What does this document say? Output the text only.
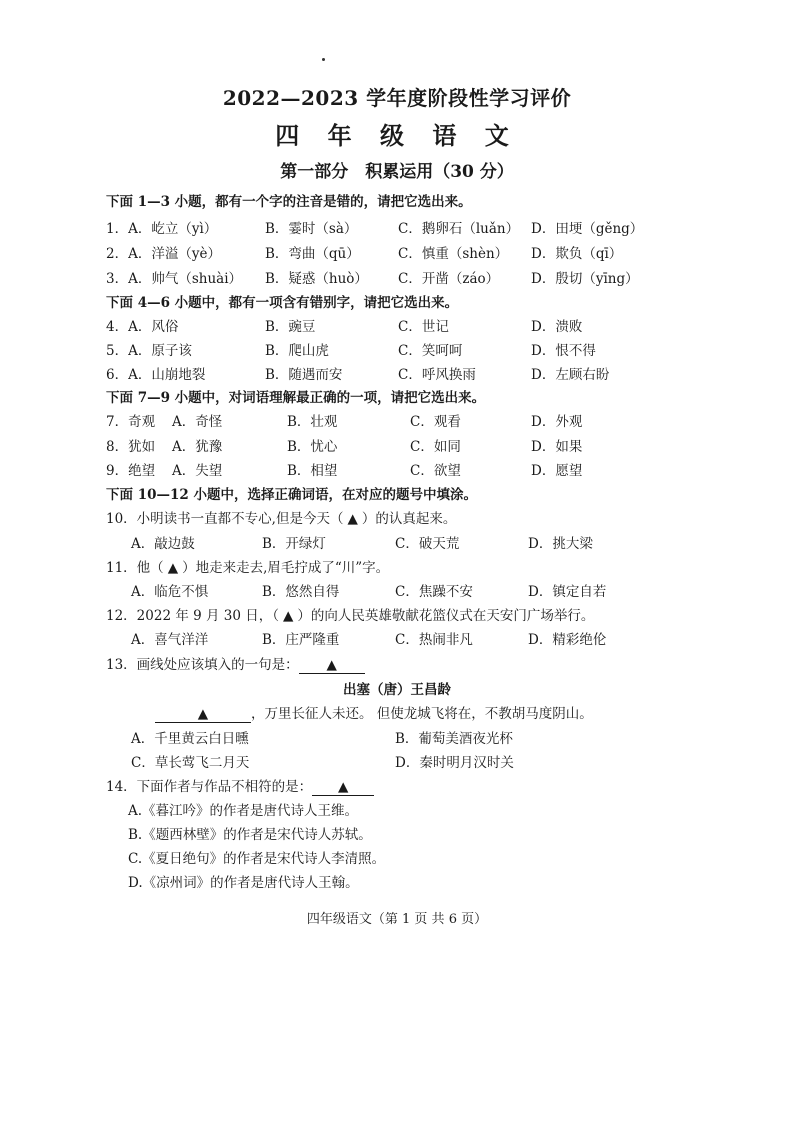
2022—2023 学年度阶段性学习评价
四 年 级 语 文
第一部分　积累运用（30 分）
下面 1—3 小题，都有一个字的注音是错的，请把它选出来。
1．A．屹立（yì）	B．霎时（sà）	C．鹅卵石（luǎn） D．田埂（gěng）
2．A．洋溢（yè）	B．弯曲（qū）	C．慎重（shèn） D．欺负（qī）
3．A．帅气（shuài） B．疑惑（huò） C．开凿（záo） D．殷切（yīng）
下面 4—6 小题中，都有一项含有错别字，请把它选出来。
4．A．风俗	B．豌豆	C．世记	D．溃败
5．A．原子该	B．爬山虎	C．笑呵呵	D．恨不得
6．A．山崩地裂	B．随遇而安	C．呼风换雨	D．左顾右盼
下面 7—9 小题中，对词语理解最正确的一项，请把它选出来。
7．奇观 A．奇怪	B．壮观	C．观看	D．外观
8．犹如 A．犹豫	B．忧心	C．如同	D．如果
9．绝望 A．失望	B．相望	C．欲望	D．愿望
下面 10—12 小题中，选择正确词语，在对应的题号中填涂。
10．小明读书一直都不专心,但是今天（ ▲ ）的认真起来。
A．敲边鼓	B．开绿灯	C．破天荒	D．挑大梁
11．他（ ▲ ）地走来走去,眉毛拧成了“川”字。
A．临危不惧	B．悠然自得	C．焦躁不安	D．镇定自若
12．2022 年 9 月 30 日，（ ▲ ）的向人民英雄敬献花篮仪式在天安门广场举行。
A．喜气洋洋	B．庄严隆重	C．热闹非凡	D．精彩绝伦
13．画线处应该填入的一句是： ▲
出塞（唐）王昌龄
▲	，万里长征人未还。 但使龙城飞将在，不教胡马度阴山。
A．千里黄云白日曛	B．葡萄美酒夜光杯
C．草长莺飞二月天	D．秦时明月汉时关
14．下面作者与作品不相符的是： ▲
A.《暮江吟》的作者是唐代诗人王维。
B.《题西林壁》的作者是宋代诗人苏轼。
C.《夏日绝句》的作者是宋代诗人李清照。
D.《凉州词》的作者是唐代诗人王翰。
四年级语文（第 1 页 共 6 页）
